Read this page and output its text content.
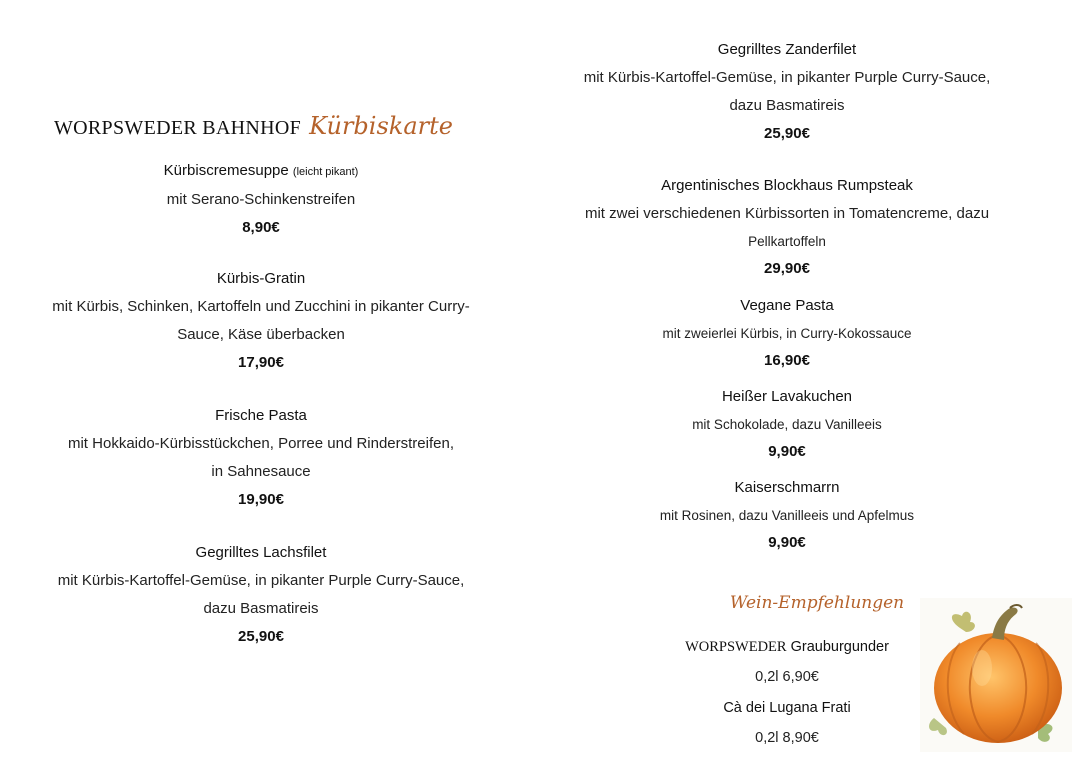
WORPSWEDER BAHNHOF Kürbiskarte
Kürbiscremesuppe (leicht pikant)
mit Serano-Schinkenstreifen
8,90€
Kürbis-Gratin
mit Kürbis, Schinken, Kartoffeln und Zucchini in pikanter Curry-
Sauce, Käse überbacken
17,90€
Frische Pasta
mit Hokkaido-Kürbisstückchen, Porree und Rinderstreifen,
in Sahnesauce
19,90€
Gegrilltes Lachsfilet
mit Kürbis-Kartoffel-Gemüse, in pikanter Purple Curry-Sauce,
dazu Basmatireis
25,90€
Gegrilltes Zanderfilet
mit Kürbis-Kartoffel-Gemüse, in pikanter Purple Curry-Sauce,
dazu Basmatireis
25,90€
Argentinisches Blockhaus Rumpsteak
mit zwei verschiedenen Kürbissorten in Tomatencreme, dazu
Pellkartoffeln
29,90€
Vegane Pasta
mit zweierlei Kürbis, in Curry-Kokossauce
16,90€
Heißer Lavakuchen
mit Schokolade, dazu Vanilleeis
9,90€
Kaiserschmarrn
mit Rosinen, dazu Vanilleeis und Apfelmus
9,90€
Wein-Empfehlungen
WORPSWEDER Grauburgunder
0,2l 6,90€
Cà dei Lugana Frati
0,2l 8,90€
